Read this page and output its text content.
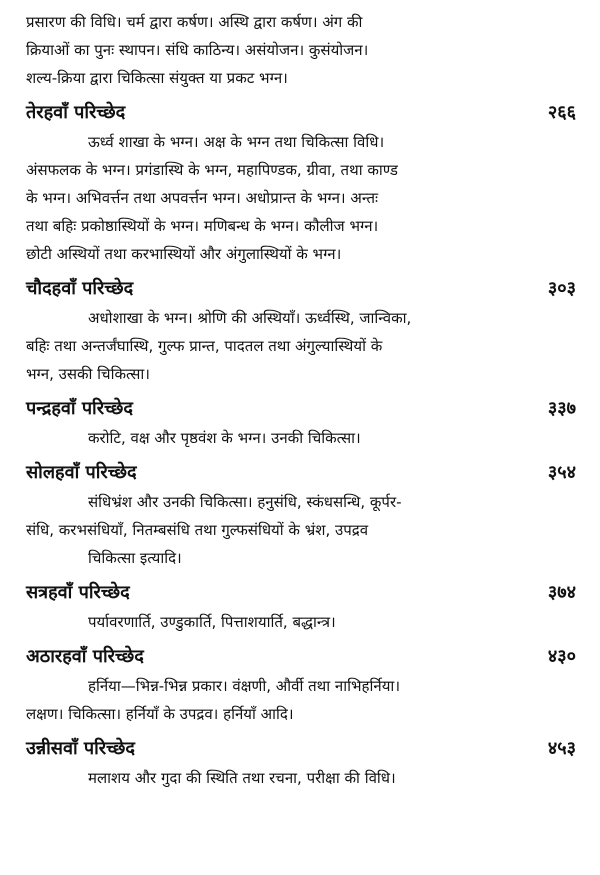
प्रसारण की विधि। चर्म द्वारा कर्षण। अस्थि द्वारा कर्षण। अंग की
क्रियाओं का पुनः स्थापन। संधि काठिन्य। असंयोजन। कुसंयोजन।
शल्य-क्रिया द्वारा चिकित्सा संयुक्त या प्रकट भग्न।
तेरहवाँ परिच्छेद	२६६
ऊर्ध्व शाखा के भग्न। अक्ष के भग्न तथा चिकित्सा विधि।
अंसफलक के भग्न। प्रगंडास्थि के भग्न, महापिण्डक, ग्रीवा, तथा काण्ड
के भग्न। अभिवर्त्तन तथा अपवर्त्तन भग्न। अधोप्रान्त के भग्न। अन्तः
तथा बहिः प्रकोष्ठास्थियों के भग्न। मणिबन्ध के भग्न। कौलीज भग्न।
छोटी अस्थियों तथा करभास्थियों और अंगुलास्थियों के भग्न।
चौदहवाँ परिच्छेद	३०३
अधोशाखा के भग्न। श्रोणि की अस्थियाँ। ऊर्ध्वस्थि, जान्विका,
बहिः तथा अन्तर्जंघास्थि, गुल्फ प्रान्त, पादतल तथा अंगुल्यास्थियों के
भग्न, उसकी चिकित्सा।
पन्द्रहवाँ परिच्छेद	३३७
करोटि, वक्ष और पृष्ठवंश के भग्न। उनकी चिकित्सा।
सोलहवाँ परिच्छेद	३५४
संधिभ्रंश और उनकी चिकित्सा। हनुसंधि, स्कंधसन्धि, कूर्पर-
संधि, करभसंधियाँ, नितम्बसंधि तथा गुल्फसंधियों के भ्रंश, उपद्रव
चिकित्सा इत्यादि।
सत्रहवाँ परिच्छेद	३७४
पर्यावरणार्ति, उण्डुकार्ति, पित्ताशयार्ति, बद्धान्त्र।
अठारहवाँ परिच्छेद	४३०
हर्निया—भिन्न-भिन्न प्रकार। वंक्षणी, और्वी तथा नाभिहर्निया।
लक्षण। चिकित्सा। हर्नियाँ के उपद्रव। हर्नियाँ आदि।
उन्नीसवाँ परिच्छेद	४५३
मलाशय और गुदा की स्थिति तथा रचना, परीक्षा की विधि।
